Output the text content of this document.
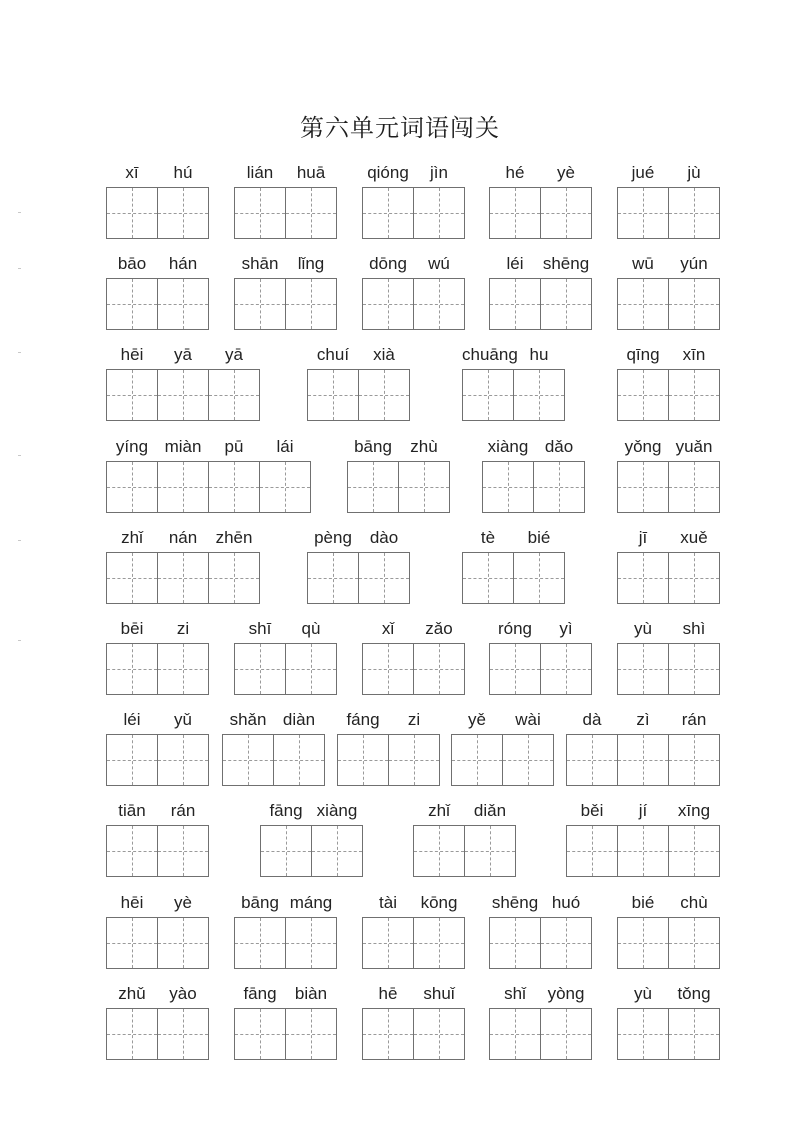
第六单元词语闯关
xī	hú	lián	huā	qióng	jìn	hé	yè	jué	jù
bāo	hán	shān	lǐng	dōng	wú	léi	shēng	wū	yún
hēi	yā	yā	chuí	xià	chuāng hu	qīng	xīn
yíng miàn	pū	lái	bāng	zhù	xiàng dǎo	yǒng yuǎn
zhǐ	nán	zhēn	pèng	dào	tè	bié	jī	xuě
bēi	zi	shī	qù	xǐ	zǎo	róng	yì	yù	shì
léi	yǔ	shǎn diàn	fáng	zi	yě	wài	dà	zì	rán
tiān	rán	fāng xiàng	zhǐ	diǎn	běi	jí	xīng
hēi	yè	bāng máng	tài	kōng	shēng huó	bié	chù
zhǔ	yào	fāng	biàn	hē	shuǐ	shǐ	yòng	yù	tǒng
